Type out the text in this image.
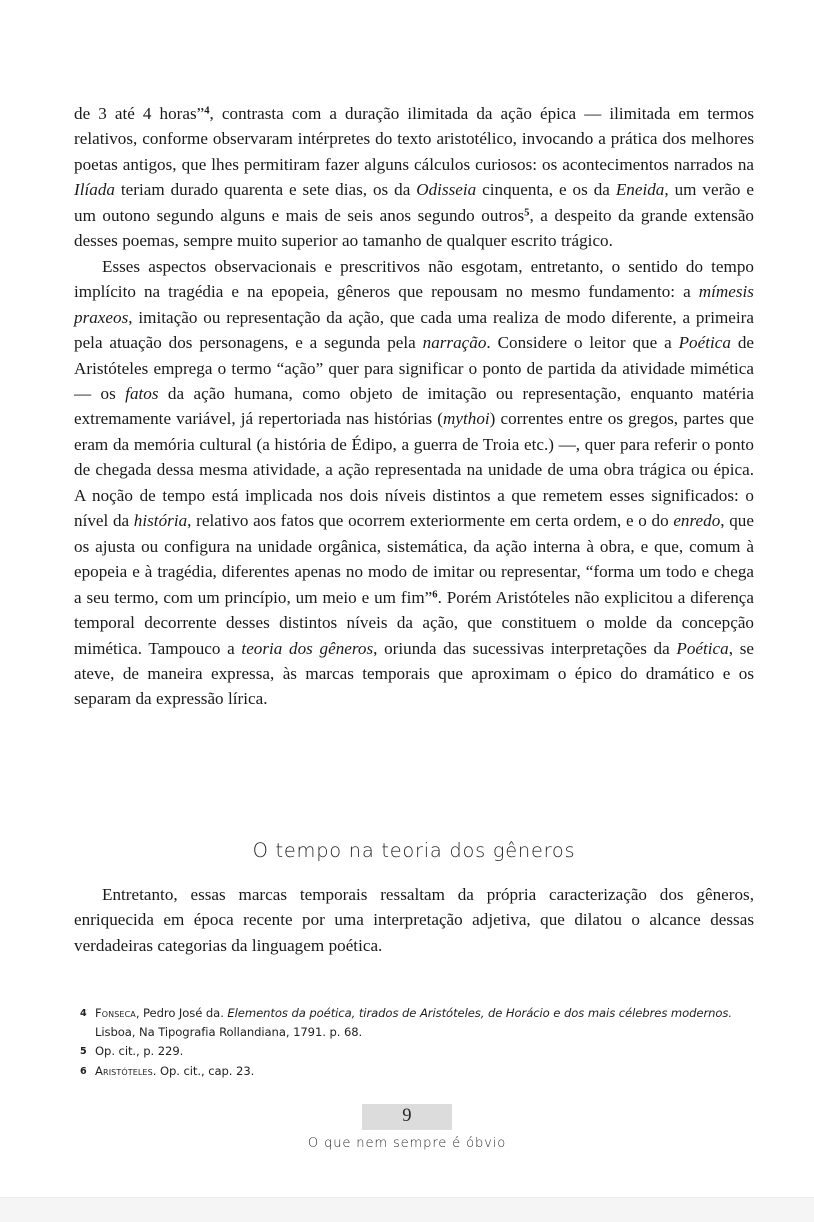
de 3 até 4 horas”$^4$, contrasta com a duração ilimitada da ação épica — ilimitada em termos relativos, conforme observaram intérpretes do texto aristotélico, invocando a prática dos melhores poetas antigos, que lhes permitiram fazer alguns cálculos curiosos: os acontecimentos narrados na Ilíada teriam durado quarenta e sete dias, os da Odisseia cinquenta, e os da Eneida, um verão e um outono segundo alguns e mais de seis anos segundo outros$^5$, a despeito da grande extensão desses poemas, sempre muito superior ao tamanho de qualquer escrito trágico.

Esses aspectos observacionais e prescritivos não esgotam, entretanto, o sentido do tempo implícito na tragédia e na epopeia, gêneros que repousam no mesmo fundamento: a mímesis praxeos, imitação ou representação da ação, que cada uma realiza de modo diferente, a primeira pela atuação dos personagens, e a segunda pela narração. Considere o leitor que a Poética de Aristóteles emprega o termo “ação” quer para significar o ponto de partida da atividade mimética — os fatos da ação humana, como objeto de imitação ou representação, enquanto matéria extremamente variável, já repertoriada nas histórias (mythoi) correntes entre os gregos, partes que eram da memória cultural (a história de Édipo, a guerra de Troia etc.) —, quer para referir o ponto de chegada dessa mesma atividade, a ação representada na unidade de uma obra trágica ou épica. A noção de tempo está implicada nos dois níveis distintos a que remetem esses significados: o nível da história, relativo aos fatos que ocorrem exteriormente em certa ordem, e o do enredo, que os ajusta ou configura na unidade orgânica, sistemática, da ação interna à obra, e que, comum à epopeia e à tragédia, diferentes apenas no modo de imitar ou representar, “forma um todo e chega a seu termo, com um princípio, um meio e um fim”$^6$. Porém Aristóteles não explicitou a diferença temporal decorrente desses distintos níveis da ação, que constituem o molde da concepção mimética. Tampouco a teoria dos gêneros, oriunda das sucessivas interpretações da Poética, se ateve, de maneira expressa, às marcas temporais que aproximam o épico do dramático e os separam da expressão lírica.

O tempo na teoria dos gêneros

Entretanto, essas marcas temporais ressaltam da própria caracterização dos gêneros, enriquecida em época recente por uma interpretação adjetiva, que dilatou o alcance dessas verdadeiras categorias da linguagem poética.

4 Fonseca, Pedro José da. Elementos da poética, tirados de Aristóteles, de Horácio e dos mais célebres modernos. Lisboa, Na Tipografia Rollandiana, 1791. p. 68.
5 Op. cit., p. 229.
6 Aristóteles. Op. cit., cap. 23.
9
O que nem sempre é óbvio
